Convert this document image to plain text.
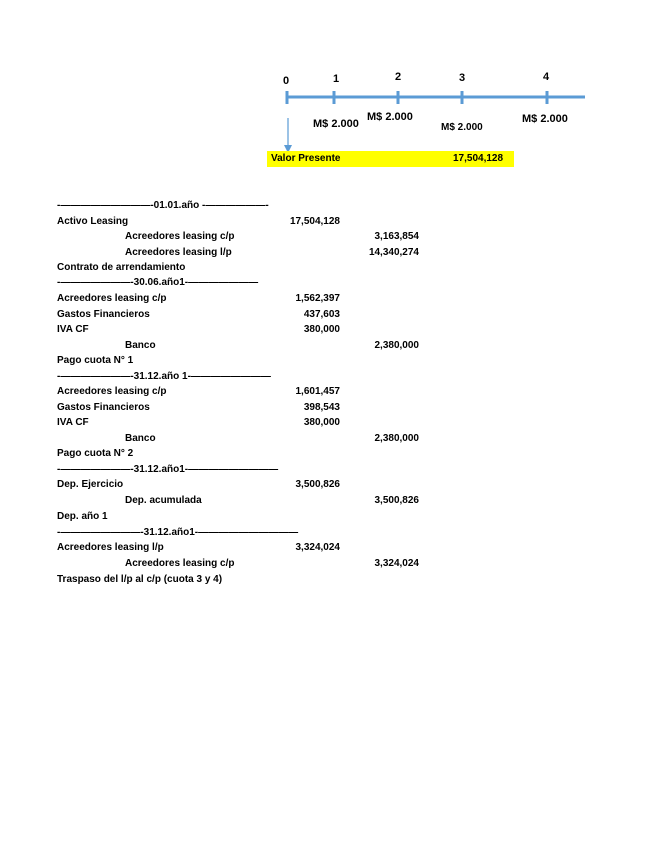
0	1	2	3	4
M$ 2.000
M$ 2.000
M$ 2.000
M$ 2.000
Valor Presente	17,504,128
-—————————-01.01.año -——————-
Activo Leasing	17,504,128
Acreedores leasing c/p	3,163,854
Acreedores leasing l/p	14,340,274
Contrato de arrendamiento
-———————-30.06.año1-———————
Acreedores leasing c/p	1,562,397
Gastos Financieros	437,603
IVA CF	380,000
Banco	2,380,000
Pago cuota N° 1
-———————-31.12.año 1-————————
Acreedores leasing c/p	1,601,457
Gastos Financieros	398,543
IVA CF	380,000
Banco	2,380,000
Pago cuota N° 2
-———————-31.12.año1-—————————
Dep. Ejercicio	3,500,826
Dep. acumulada	3,500,826
Dep. año 1
-————————-31.12.año1-——————————
Acreedores leasing l/p	3,324,024
Acreedores leasing c/p	3,324,024
Traspaso del l/p al c/p (cuota 3 y 4)
